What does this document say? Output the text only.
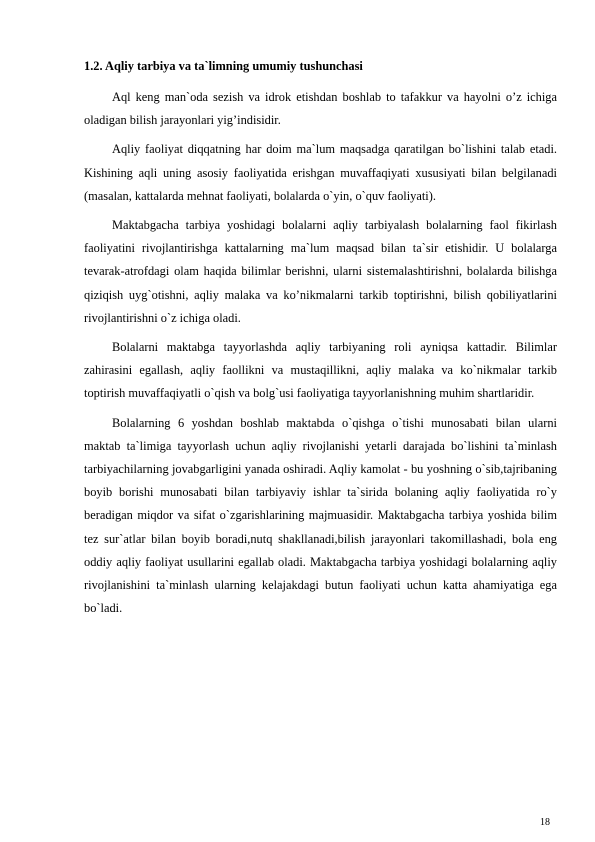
1.2. Aqliy tarbiya va ta`limning umumiy tushunchasi

Aql keng man`oda sezish va idrok etishdan boshlab to tafakkur va hayolni o’z ichiga oladigan bilish jarayonlari yig’indisidir.

Aqliy faoliyat diqqatning har doim ma`lum maqsadga qaratilgan bo`lishini talab etadi. Kishining aqli uning asosiy faoliyatida erishgan muvaffaqiyati xususiyati bilan belgilanadi (masalan, kattalarda mehnat faoliyati, bolalarda o`yin, o`quv faoliyati).

Maktabgacha tarbiya yoshidagi bolalarni aqliy tarbiyalash bolalarning faol fikirlash faoliyatini rivojlantirishga kattalarning ma`lum maqsad bilan ta`sir etishidir. U bolalarga tevarak-atrofdagi olam haqida bilimlar berishni, ularni sistemalashtirishni, bolalarda bilishga qiziqish uyg`otishni, aqliy malaka va ko’nikmalarni tarkib toptirishni, bilish qobiliyatlarini rivojlantirishni o`z ichiga oladi.

Bolalarni maktabga tayyorlashda aqliy tarbiyaning roli ayniqsa kattadir. Bilimlar zahirasini egallash, aqliy faollikni va mustaqillikni, aqliy malaka va ko`nikmalar tarkib toptirish muvaffaqiyatli o`qish va bolg`usi faoliyatiga tayyorlanishning muhim shartlaridir.

Bolalarning 6 yoshdan boshlab maktabda o`qishga o`tishi munosabati bilan ularni maktab ta`limiga tayyorlash uchun aqliy rivojlanishi yetarli darajada bo`lishini ta`minlash tarbiyachilarning jovabgarligini yanada oshiradi. Aqliy kamolat - bu yoshning o`sib,tajribaning boyib borishi munosabati bilan tarbiyaviy ishlar ta`sirida bolaning aqliy faoliyatida ro`y beradigan miqdor va sifat o`zgarishlarining majmuasidir. Maktabgacha tarbiya yoshida bilim tez sur`atlar bilan boyib boradi,nutq shakllanadi,bilish jarayonlari takomillashadi, bola eng oddiy aqliy faoliyat usullarini egallab oladi. Maktabgacha tarbiya yoshidagi bolalarning aqliy rivojlanishini ta`minlash ularning kelajakdagi butun faoliyati uchun katta ahamiyatiga ega bo`ladi.

18
